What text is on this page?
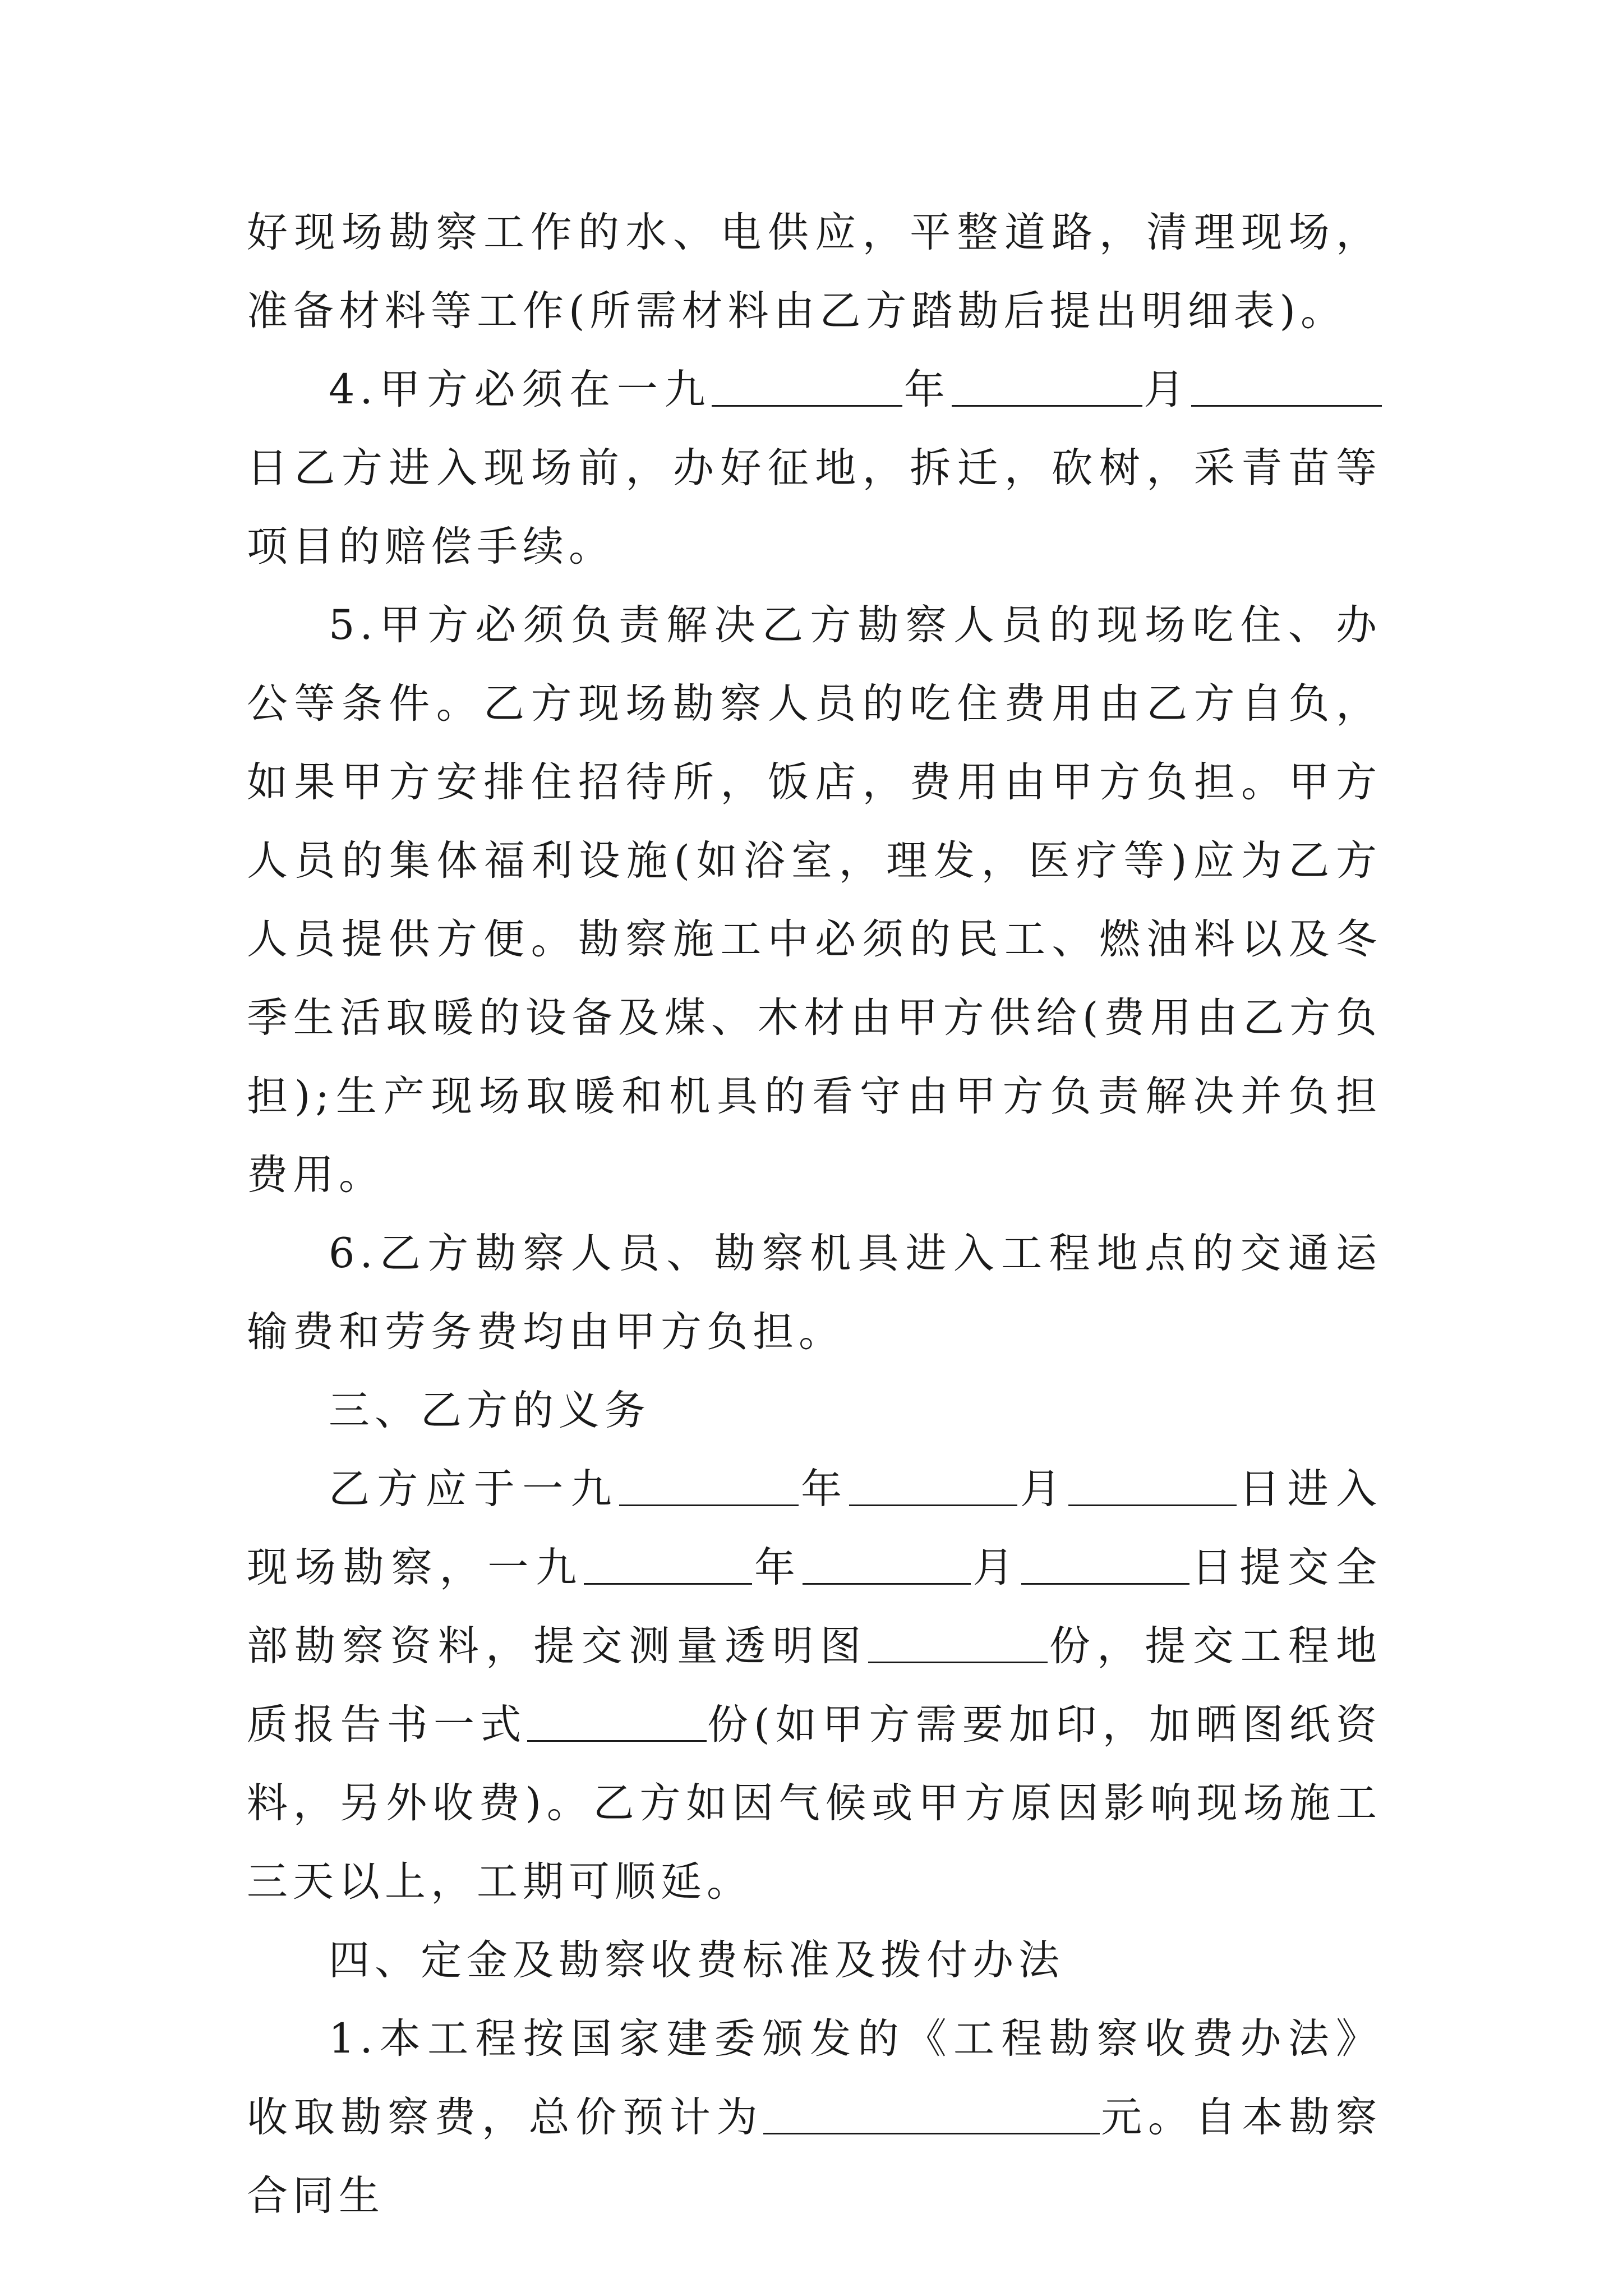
好现场勘察工作的水、电供应，平整道路，清理现场，准备材料等工作(所需材料由乙方踏勘后提出明细表)。

4.甲方必须在一九	年	月日乙方进入现场前，办好征地，拆迁，砍树，采青苗等项目的赔偿手续。

5.甲方必须负责解决乙方勘察人员的现场吃住、办公等条件。乙方现场勘察人员的吃住费用由乙方自负，如果甲方安排住招待所，饭店，费用由甲方负担。甲方人员的集体福利设施(如浴室，理发，医疗等)应为乙方人员提供方便。勘察施工中必须的民工、燃油料以及冬季生活取暖的设备及煤、木材由甲方供给(费用由乙方负担);生产现场取暖和机具的看守由甲方负责解决并负担费用。

6.乙方勘察人员、勘察机具进入工程地点的交通运输费和劳务费均由甲方负担。

三、乙方的义务

乙方应于一九	年	月	日进入现场勘察，一九	年	月	日提交全部勘察资料，提交测量透明图	份，提交工程地质报告书一式	份(如甲方需要加印，加晒图纸资料，另外收费)。乙方如因气候或甲方原因影响现场施工三天以上，工期可顺延。

四、定金及勘察收费标准及拨付办法

1.本工程按国家建委颁发的《工程勘察收费办法》收取勘察费，总价预计为	元。自本勘察合同生
